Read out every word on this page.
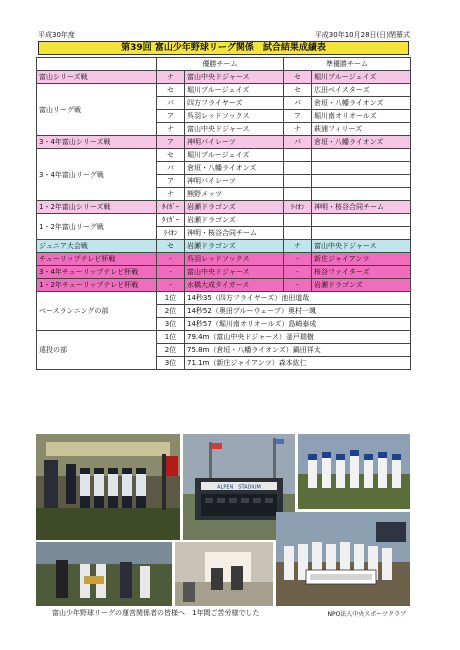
平成30年度	平成30年10月28日(日)閉幕式
第39回 富山少年野球リーグ関係　試合結果成績表
	優勝チーム		準優勝チーム	
富山シリーズ戦	ナ	富山中央ドジャース	セ	堀川ブルージェイズ
富山リーグ戦	セ	堀川ブルージェイズ	セ	広田ベイスターズ
	パ	四方フライヤーズ	パ	倉垣・八幡ライオンズ
	ア	呉羽レッドソックス	ア	堀川南オリオールズ
	ナ	富山中央ドジャース	ナ	萩浦フィリーズ
3・4年富山シリーズ戦	ア	神明パイレーツ	パ	倉垣・八幡ライオンズ
3・4年富山リーグ戦	セ	堀川ブルージェイズ		
	パ	倉垣・八幡ライオンズ		
	ア	神明パイレーツ		
	ナ	熊野メッツ		
1・2年富山シリーズ戦	ﾀｲｶﾞｰ	岩瀬ドラゴンズ	ﾗｲｵﾝ	神明・桜谷合同チーム
1・2年富山リーグ戦	ﾀｲｶﾞｰ	岩瀬ドラゴンズ		
	ﾗｲｵﾝ	神明・桜谷合同チーム		
ジュニア大会戦	セ	岩瀬ドラゴンズ	ナ	富山中央ドジャース
チューリップテレビ杯戦	-	呉羽レッドソックス	-	新庄ジャイアンツ
3・4年チューリップテレビ杯戦	-	富山中央ドジャース	-	桜谷ファイターズ
1・2年チューリップテレビ杯戦	-	水橋大成タイガース	-	岩瀬ドラゴンズ
ベースランニングの部	1位	14秒35（四方フライヤーズ）池田道哉		
	2位	14秒52（奥田ブルーウェーブ）奥村一颯		
	3位	14秒57（堀川南オリオールズ）島崎泰成		
遠投の部	1位	79.4m（富山中央ドジャース）釜戸瑞樹		
	2位	75.8m（倉垣・八幡ライオンズ）鍋田祥太		
	3位	71.1m（新庄ジャイアンツ）森本紘仁		
ALPEN　STADIUM
富山少年野球リーグの運営関係者の皆様へ　1年間ご苦労様でした	NPO法人中央スポーツクラブ
